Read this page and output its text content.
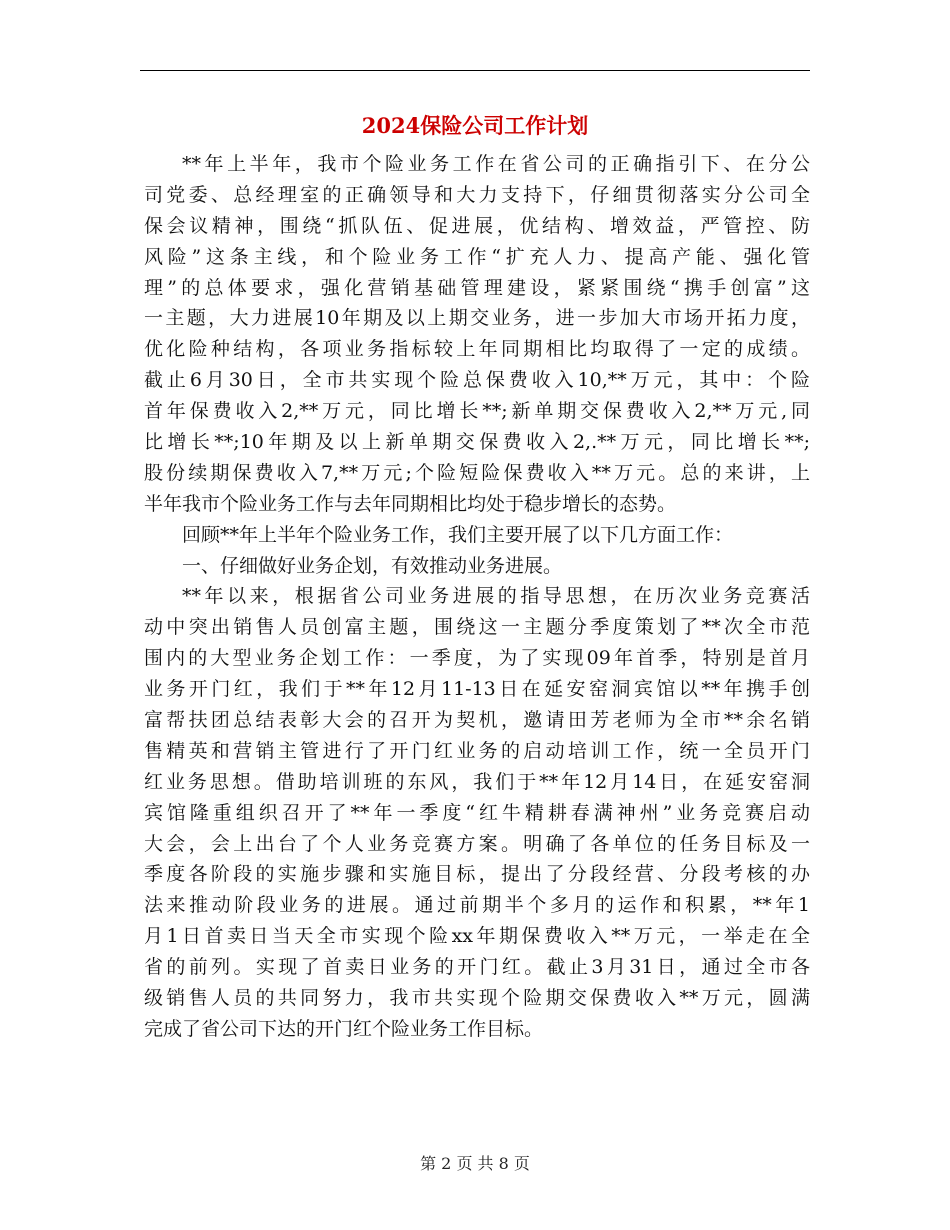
2024保险公司工作计划
**年上半年，我市个险业务工作在省公司的正确指引下、在分公
司党委、总经理室的正确领导和大力支持下，仔细贯彻落实分公司全
保会议精神，围绕“抓队伍、促进展，优结构、增效益，严管控、防
风险”这条主线，和个险业务工作“扩充人力、提高产能、强化管
理”的总体要求，强化营销基础管理建设，紧紧围绕“携手创富”这
一主题，大力进展10年期及以上期交业务，进一步加大市场开拓力度，
优化险种结构，各项业务指标较上年同期相比均取得了一定的成绩。
截止6月30日，全市共实现个险总保费收入10,**万元，其中：个险
首年保费收入2,**万元，同比增长**;新单期交保费收入2,**万元,同
比增长**;10年期及以上新单期交保费收入2,.**万元，同比增长**;
股份续期保费收入7,**万元;个险短险保费收入**万元。总的来讲，上
半年我市个险业务工作与去年同期相比均处于稳步增长的态势。
回顾**年上半年个险业务工作，我们主要开展了以下几方面工作：
一、仔细做好业务企划，有效推动业务进展。
**年以来，根据省公司业务进展的指导思想，在历次业务竞赛活
动中突出销售人员创富主题，围绕这一主题分季度策划了**次全市范
围内的大型业务企划工作：一季度，为了实现09年首季，特别是首月
业务开门红，我们于**年12月11-13日在延安窑洞宾馆以**年携手创
富帮扶团总结表彰大会的召开为契机，邀请田芳老师为全市**余名销
售精英和营销主管进行了开门红业务的启动培训工作，统一全员开门
红业务思想。借助培训班的东风，我们于**年12月14日，在延安窑洞
宾馆隆重组织召开了**年一季度“红牛精耕春满神州”业务竞赛启动
大会，会上出台了个人业务竞赛方案。明确了各单位的任务目标及一
季度各阶段的实施步骤和实施目标，提出了分段经营、分段考核的办
法来推动阶段业务的进展。通过前期半个多月的运作和积累，**年1
月1日首卖日当天全市实现个险xx年期保费收入**万元，一举走在全
省的前列。实现了首卖日业务的开门红。截止3月31日，通过全市各
级销售人员的共同努力，我市共实现个险期交保费收入**万元，圆满
完成了省公司下达的开门红个险业务工作目标。
第 2 页 共 8 页
